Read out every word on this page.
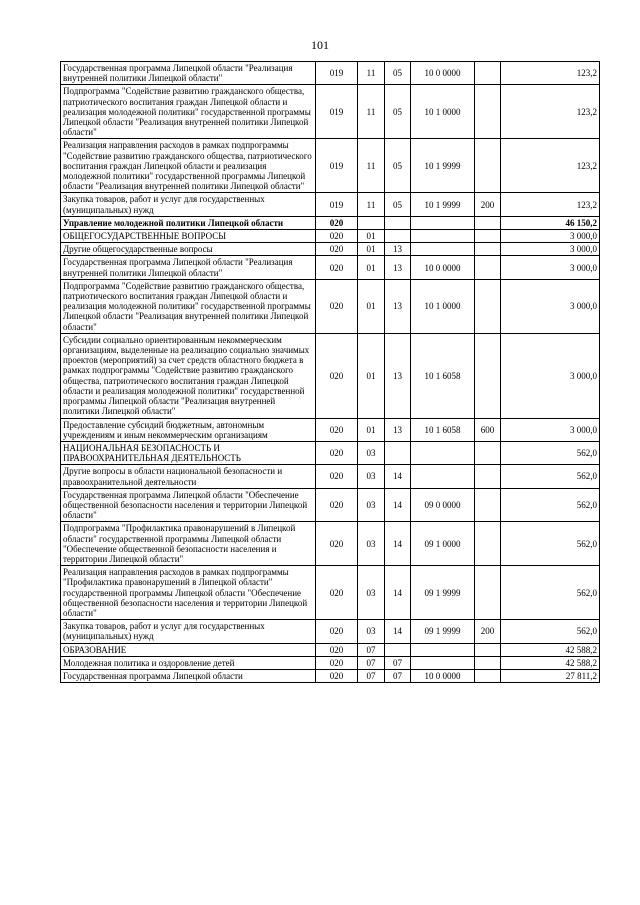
101
Государственная программа Липецкой области "Реализация внутренней политики Липецкой области"	019	11	05	10 0 0000		123,2
Подпрограмма "Содействие развитию гражданского общества, патриотического воспитания граждан Липецкой области и реализация молодежной политики" государственной программы Липецкой области "Реализация внутренней политики Липецкой области"	019	11	05	10 1 0000		123,2
Реализация направления расходов в рамках подпрограммы "Содействие развитию гражданского общества, патриотического воспитания граждан Липецкой области и реализация молодежной политики" государственной программы Липецкой области "Реализация внутренней политики Липецкой области"	019	11	05	10 1 9999		123,2
Закупка товаров, работ и услуг для государственных (муниципальных) нужд	019	11	05	10 1 9999	200	123,2
Управление молодежной политики Липецкой области	020					46 150,2
ОБЩЕГОСУДАРСТВЕННЫЕ ВОПРОСЫ	020	01				3 000,0
Другие общегосударственные вопросы	020	01	13			3 000,0
Государственная программа Липецкой области "Реализация внутренней политики Липецкой области"	020	01	13	10 0 0000		3 000,0
Подпрограмма "Содействие развитию гражданского общества, патриотического воспитания граждан Липецкой области и реализация молодежной политики" государственной программы Липецкой области "Реализация внутренней политики Липецкой области"	020	01	13	10 1 0000		3 000,0
Субсидии социально ориентированным некоммерческим организациям, выделенные на реализацию социально значимых проектов (мероприятий) за счет средств областного бюджета в рамках подпрограммы "Содействие развитию гражданского общества, патриотического воспитания граждан Липецкой области и реализация молодежной политики" государственной программы Липецкой области "Реализация внутренней политики Липецкой области"	020	01	13	10 1 6058		3 000,0
Предоставление субсидий бюджетным, автономным учреждениям и иным некоммерческим организациям	020	01	13	10 1 6058	600	3 000,0
НАЦИОНАЛЬНАЯ БЕЗОПАСНОСТЬ И ПРАВООХРАНИТЕЛЬНАЯ ДЕЯТЕЛЬНОСТЬ	020	03				562,0
Другие вопросы в области национальной безопасности и правоохранительной деятельности	020	03	14			562,0
Государственная программа Липецкой области "Обеспечение общественной безопасности населения и территории Липецкой области"	020	03	14	09 0 0000		562,0
Подпрограмма "Профилактика правонарушений в Липецкой области" государственной программы Липецкой области "Обеспечение общественной безопасности населения и территории Липецкой области"	020	03	14	09 1 0000		562,0
Реализация направления расходов в рамках подпрограммы "Профилактика правонарушений в Липецкой области" государственной программы Липецкой области "Обеспечение общественной безопасности населения и территории Липецкой области"	020	03	14	09 1 9999		562,0
Закупка товаров, работ и услуг для государственных (муниципальных) нужд	020	03	14	09 1 9999	200	562,0
ОБРАЗОВАНИЕ	020	07				42 588,2
Молодежная политика и оздоровление детей	020	07	07			42 588,2
Государственная программа Липецкой области	020	07	07	10 0 0000		27 811,2
